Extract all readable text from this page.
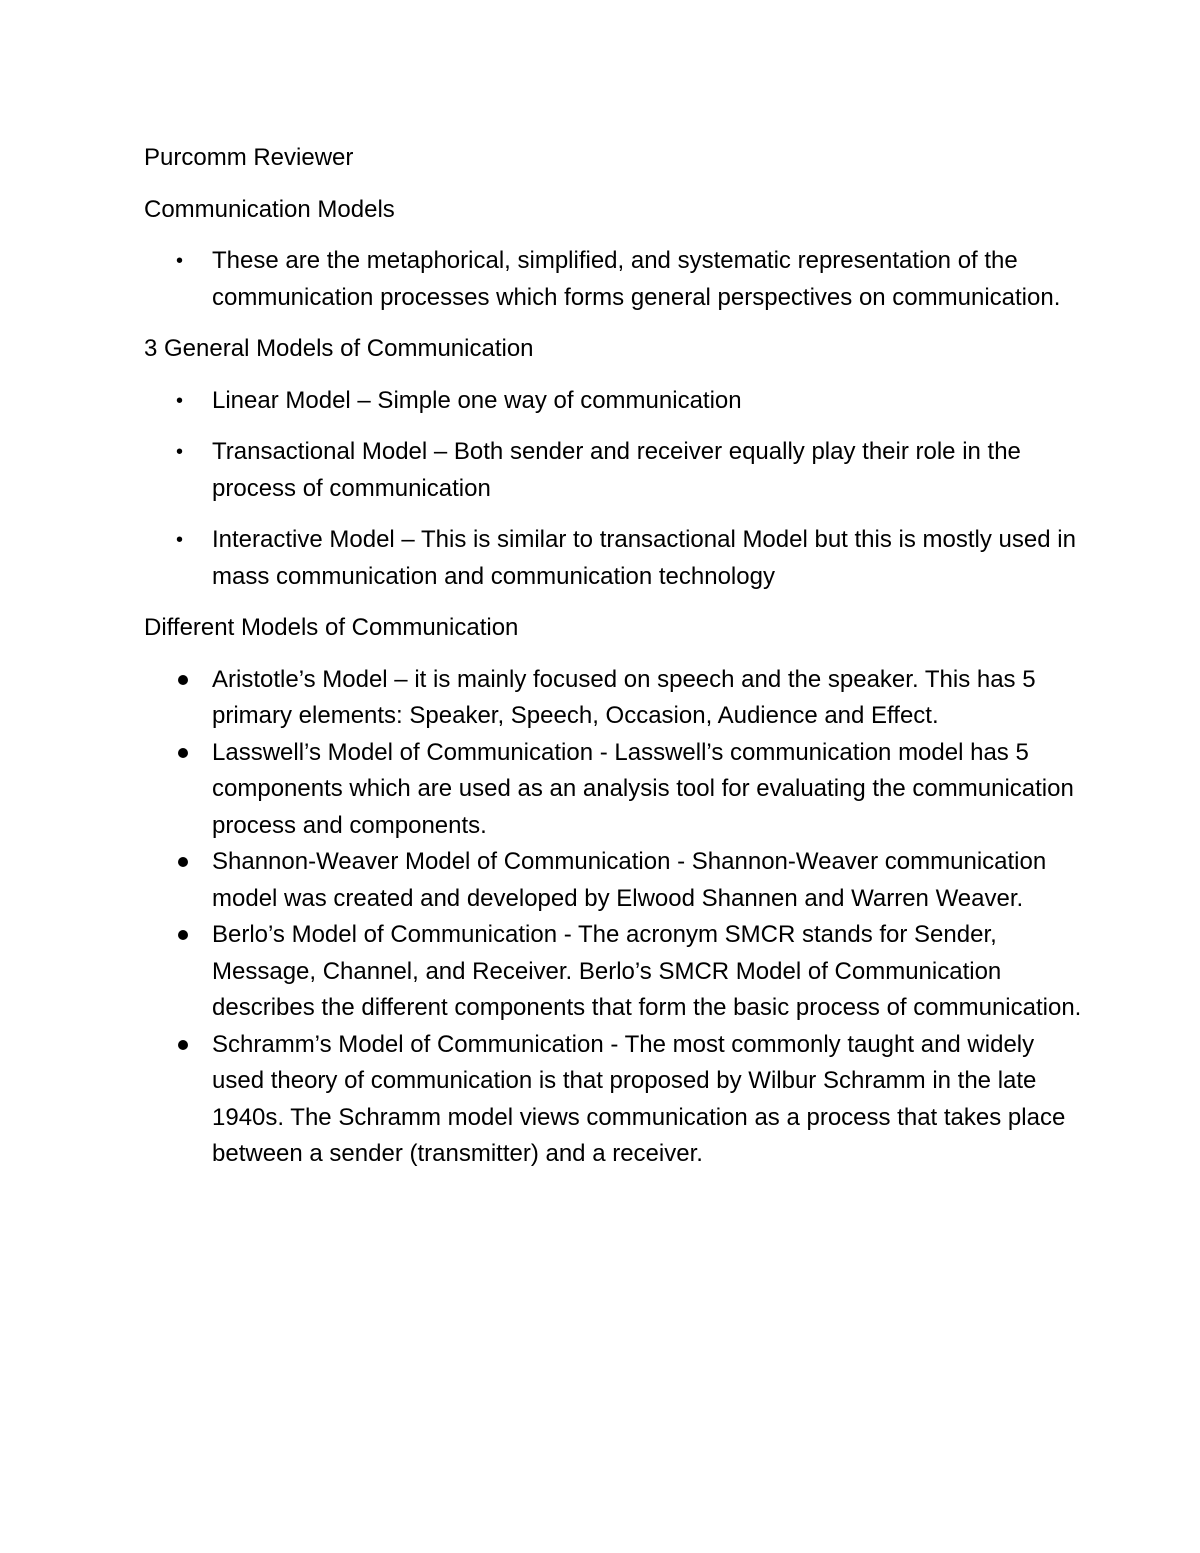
Purcomm Reviewer

Communication Models

• These are the metaphorical, simplified, and systematic representation of the communication processes which forms general perspectives on communication.

3 General Models of Communication

• Linear Model – Simple one way of communication
• Transactional Model – Both sender and receiver equally play their role in the process of communication
• Interactive Model – This is similar to transactional Model but this is mostly used in mass communication and communication technology

Different Models of Communication

Aristotle’s Model – it is mainly focused on speech and the speaker. This has 5 primary elements: Speaker, Speech, Occasion, Audience and Effect.
Lasswell’s Model of Communication - Lasswell’s communication model has 5 components which are used as an analysis tool for evaluating the communication process and components.
Shannon-Weaver Model of Communication - Shannon-Weaver communication model was created and developed by Elwood Shannen and Warren Weaver.
Berlo’s Model of Communication - The acronym SMCR stands for Sender, Message, Channel, and Receiver. Berlo’s SMCR Model of Communication describes the different components that form the basic process of communication.
Schramm’s Model of Communication - The most commonly taught and widely used theory of communication is that proposed by Wilbur Schramm in the late 1940s. The Schramm model views communication as a process that takes place between a sender (transmitter) and a receiver.
